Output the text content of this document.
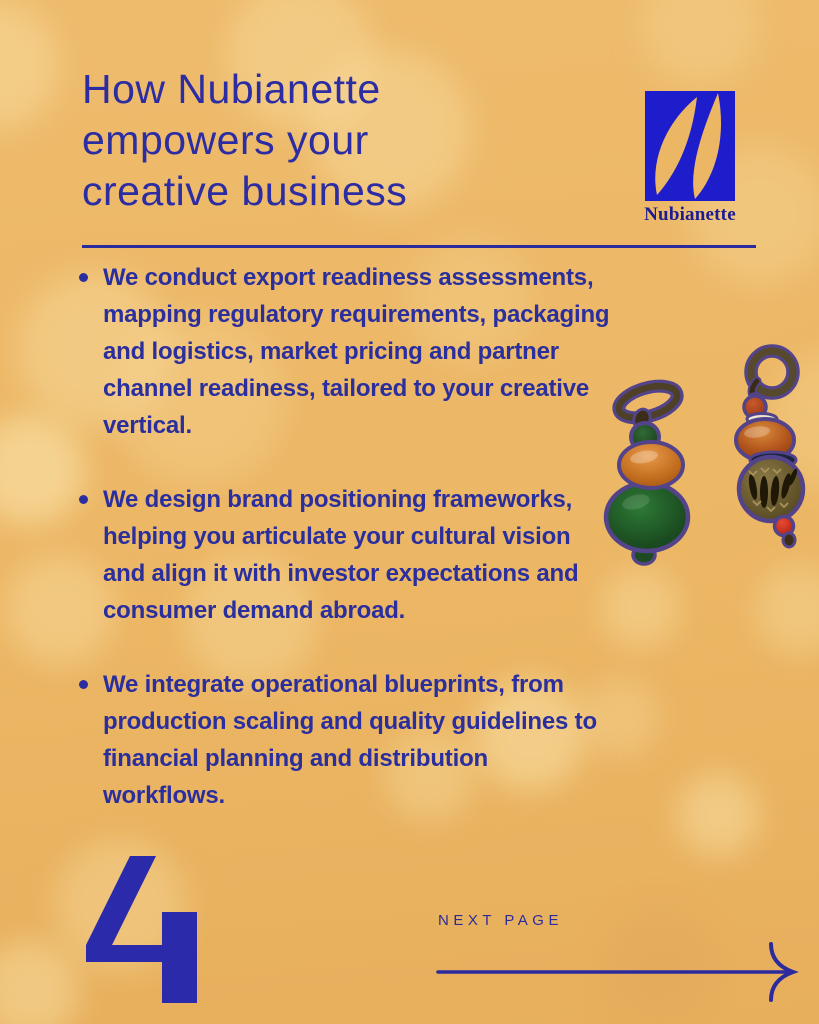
How Nubianette
empowers your
creative business
Nubianette
We conduct export readiness assessments, mapping regulatory requirements, packaging and logistics, market pricing and partner channel readiness, tailored to your creative vertical.
We design brand positioning frameworks, helping you articulate your cultural vision and align it with investor expectations and consumer demand abroad.
We integrate operational blueprints, from production scaling and quality guidelines to financial planning and distribution workflows.
NEXT PAGE
